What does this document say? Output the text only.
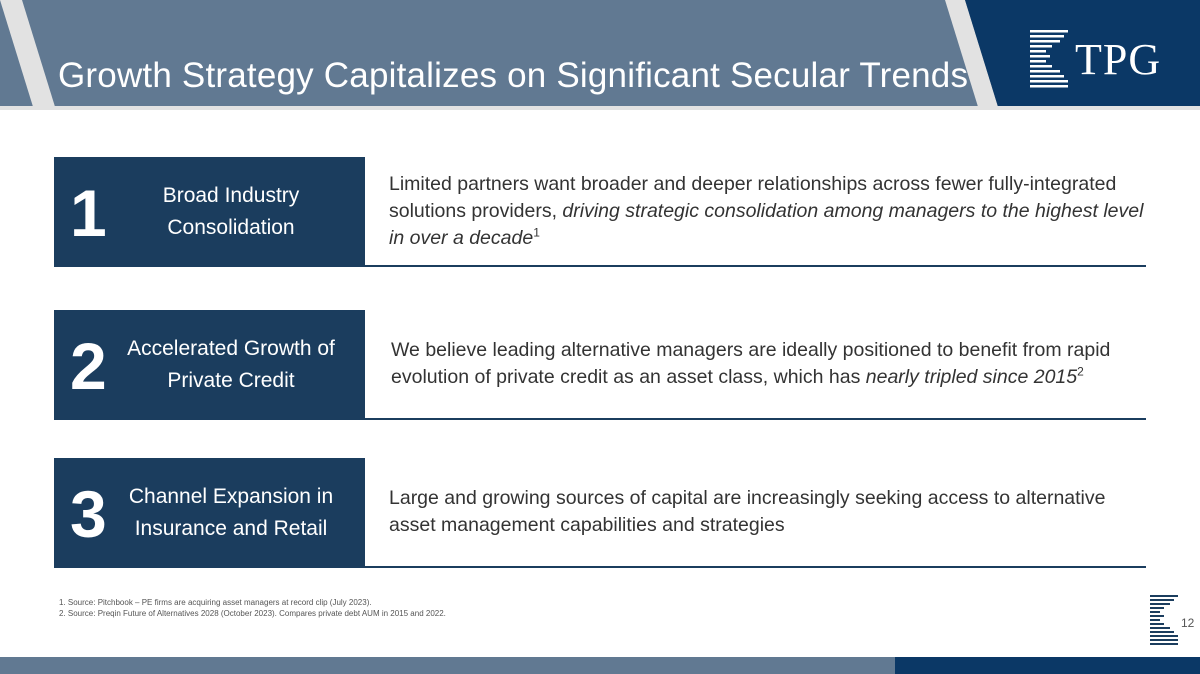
Growth Strategy Capitalizes on Significant Secular Trends TPG
1	Broad Industry Consolidation
Limited partners want broader and deeper relationships across fewer fully-integrated solutions providers, driving strategic consolidation among managers to the highest level in over a decade$^1$
2 Accelerated Growth of Private Credit
We believe leading alternative managers are ideally positioned to benefit from rapid evolution of private credit as an asset class, which has nearly tripled since 2015$^2$
3 Channel Expansion in Insurance and Retail
Large and growing sources of capital are increasingly seeking access to alternative asset management capabilities and strategies
1. Source: Pitchbook – PE firms are acquiring asset managers at record clip (July 2023).
2. Source: Preqin Future of Alternatives 2028 (October 2023). Compares private debt AUM in 2015 and 2022.
12
